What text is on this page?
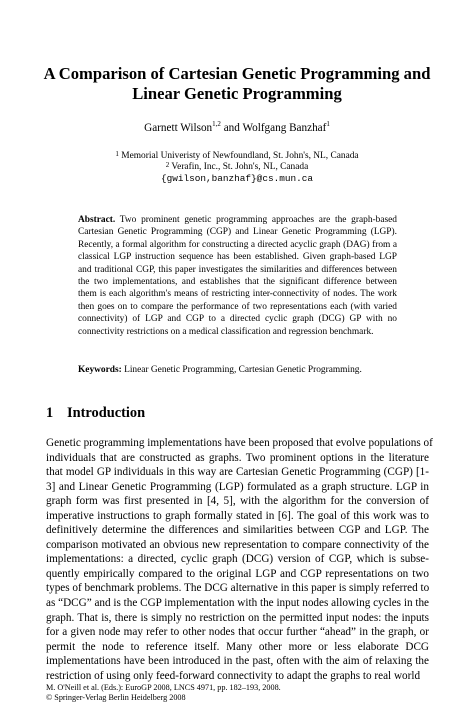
A Comparison of Cartesian Genetic Programming and
Linear Genetic Programming
Garnett Wilson$^{1,2}$ and Wolfgang Banzhaf$^1$
$^1$ Memorial Univeristy of Newfoundland, St. John's, NL, Canada
$^2$ Verafin, Inc., St. John's, NL, Canada
{gwilson,banzhaf}@cs.mun.ca
Abstract. Two prominent genetic programming approaches are the graph-based Cartesian Genetic Programming (CGP) and Linear Genetic Programming (LGP). Recently, a formal algorithm for constructing a directed acyclic graph (DAG) from a classical LGP instruction sequence has been established. Given graph-based LGP and traditional CGP, this paper investigates the similarities and differences between the two implementations, and establishes that the significant difference between them is each algorithm's means of restricting inter-connectivity of nodes. The work then goes on to compare the performance of two representations each (with varied connectivity) of LGP and CGP to a directed cyclic graph (DCG) GP with no connectivity restrictions on a medical classification and regression benchmark.
Keywords: Linear Genetic Programming, Cartesian Genetic Programming.
1 Introduction
Genetic programming implementations have been proposed that evolve populations of
individuals that are constructed as graphs. Two prominent options in the literature
that model GP individuals in this way are Cartesian Genetic Programming (CGP) [1-
3] and Linear Genetic Programming (LGP) formulated as a graph structure. LGP in
graph form was first presented in [4, 5], with the algorithm for the conversion of
imperative instructions to graph formally stated in [6]. The goal of this work was to
definitively determine the differences and similarities between CGP and LGP. The
comparison motivated an obvious new representation to compare connectivity of the
implementations: a directed, cyclic graph (DCG) version of CGP, which is subse-
quently empirically compared to the original LGP and CGP representations on two
types of benchmark problems. The DCG alternative in this paper is simply referred to
as “DCG” and is the CGP implementation with the input nodes allowing cycles in the
graph. That is, there is simply no restriction on the permitted input nodes: the inputs
for a given node may refer to other nodes that occur further “ahead” in the graph, or
permit the node to reference itself. Many other more or less elaborate DCG
implementations have been introduced in the past, often with the aim of relaxing the
restriction of using only feed-forward connectivity to adapt the graphs to real world
M. O'Neill et al. (Eds.): EuroGP 2008, LNCS 4971, pp. 182–193, 2008.
© Springer-Verlag Berlin Heidelberg 2008
